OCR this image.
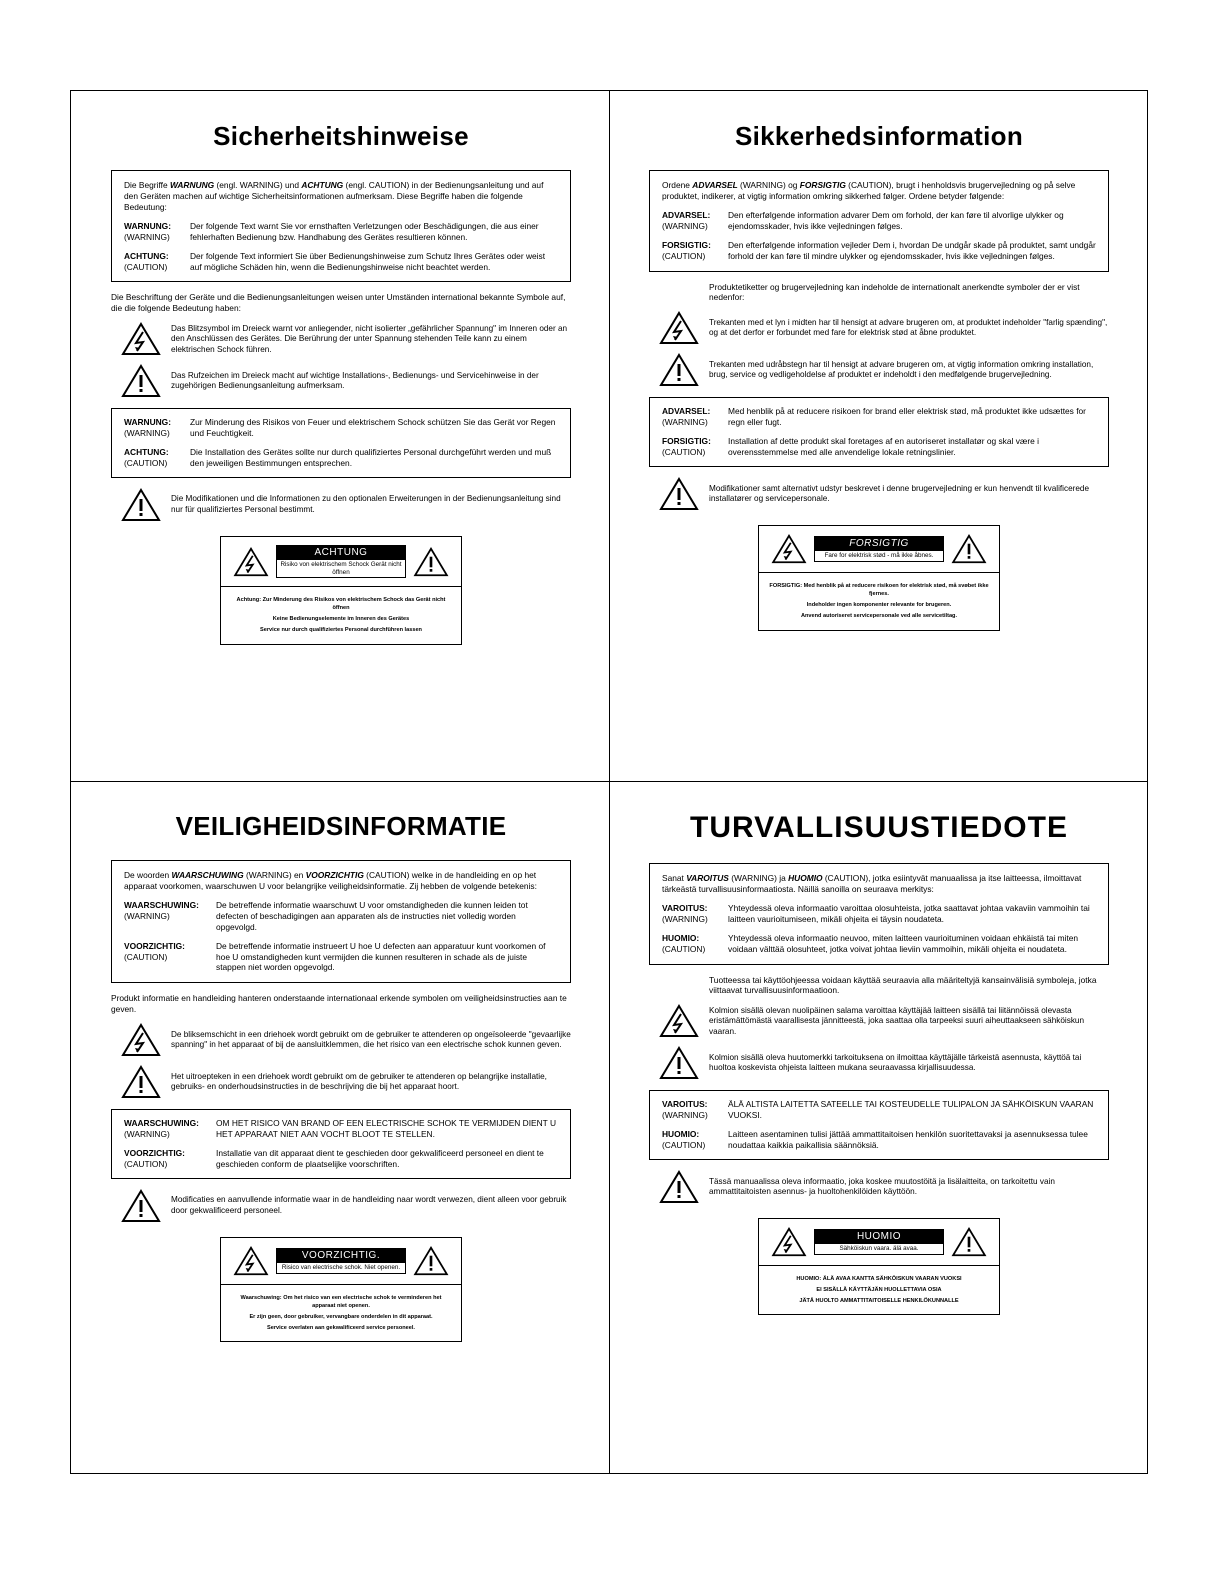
Sicherheitshinweise

Die Begriffe WARNUNG (engl. WARNING) und ACHTUNG (engl. CAUTION) in der Bedienungsanleitung und auf den Geräten machen auf wichtige Sicherheitsinformationen aufmerksam. Diese Begriffe haben die folgende Bedeutung:

WARNUNG:
(WARNING)
Der folgende Text warnt Sie vor ernsthaften Verletzungen oder Beschädigungen, die aus einer fehlerhaften Bedienung bzw. Handhabung des Gerätes resultieren können.
ACHTUNG:
(CAUTION)
Der folgende Text informiert Sie über Bedienungshinweise zum Schutz Ihres Gerätes oder weist auf mögliche Schäden hin, wenn die Bedienungshinweise nicht beachtet werden.
Die Beschriftung der Geräte und die Bedienungsanleitungen weisen unter Umständen international bekannte Symbole auf, die die folgende Bedeutung haben:
Das Blitzsymbol im Dreieck warnt vor anliegender, nicht isolierter „gefährlicher Spannung" im Inneren oder an den Anschlüssen des Gerätes. Die Berührung der unter Spannung stehenden Teile kann zu einem elektrischen Schock führen.
Das Rufzeichen im Dreieck macht auf wichtige Installations-, Bedienungs- und Servicehinweise in der zugehörigen Bedienungsanleitung aufmerksam.
WARNUNG:
(WARNING)
Zur Minderung des Risikos von Feuer und elektrischem Schock schützen Sie das Gerät vor Regen und Feuchtigkeit.
ACHTUNG:
(CAUTION)
Die Installation des Gerätes sollte nur durch qualifiziertes Personal durchgeführt werden und muß den jeweiligen Bestimmungen entsprechen.
Die Modifikationen und die Informationen zu den optionalen Erweiterungen in der Bedienungsanleitung sind nur für qualifiziertes Personal bestimmt.
ACHTUNG
Risiko von elektrischem Schock Gerät nicht öffnen
Achtung: Zur Minderung des Risikos von elektrischem Schock das Gerät nicht öffnen
Keine Bedienungselemente im Inneren des Gerätes
Service nur durch qualifiziertes Personal durchführen lassen
Sikkerhedsinformation

Ordene ADVARSEL (WARNING) og FORSIGTIG (CAUTION), brugt i henholdsvis brugervejledning og på selve produktet, indikerer, at vigtig information omkring sikkerhed følger. Ordene betyder følgende:

ADVARSEL:
(WARNING)
Den efterfølgende information advarer Dem om forhold, der kan føre til alvorlige ulykker og ejendomsskader, hvis ikke vejledningen følges.
FORSIGTIG:
(CAUTION)
Den efterfølgende information vejleder Dem i, hvordan De undgår skade på produktet, samt undgår forhold der kan føre til mindre ulykker og ejendomsskader, hvis ikke vejledningen følges.
Produktetiketter og brugervejledning kan indeholde de internationalt anerkendte symboler der er vist nedenfor:
Trekanten med et lyn i midten har til hensigt at advare brugeren om, at produktet indeholder "farlig spænding", og at det derfor er forbundet med fare for elektrisk stød at åbne produktet.
Trekanten med udråbstegn har til hensigt at advare brugeren om, at vigtig information omkring installation, brug, service og vedligeholdelse af produktet er indeholdt i den medfølgende brugervejledning.
ADVARSEL:
(WARNING)
Med henblik på at reducere risikoen for brand eller elektrisk stød, må produktet ikke udsættes for regn eller fugt.
FORSIGTIG:
(CAUTION)
Installation af dette produkt skal foretages af en autoriseret installatør og skal være i overensstemmelse med alle anvendelige lokale retningslinier.
Modifikationer samt alternativt udstyr beskrevet i denne brugervejledning er kun henvendt til kvalificerede installatører og servicepersonale.
FORSIGTIG
Fare for elektrisk stød - må ikke åbnes.
FORSIGTIG: Med henblik på at reducere risikoen for elektrisk stød, må svøbet ikke fjernes.
Indeholder ingen komponenter relevante for brugeren.
Anvend autoriseret servicepersonale ved alle servicetiltag.
VEILIGHEIDSINFORMATIE

De woorden WAARSCHUWING (WARNING) en VOORZICHTIG (CAUTION) welke in de handleiding en op het apparaat voorkomen, waarschuwen U voor belangrijke veiligheidsinformatie. Zij hebben de volgende betekenis:

WAARSCHUWING:
(WARNING)
De betreffende informatie waarschuwt U voor omstandigheden die kunnen leiden tot defecten of beschadigingen aan apparaten als de instructies niet volledig worden opgevolgd.
VOORZICHTIG:
(CAUTION)
De betreffende informatie instrueert U hoe U defecten aan apparatuur kunt voorkomen of hoe U omstandigheden kunt vermijden die kunnen resulteren in schade als de juiste stappen niet worden opgevolgd.
Produkt informatie en handleiding hanteren onderstaande internationaal erkende symbolen om veiligheidsinstructies aan te geven.
De bliksemschicht in een driehoek wordt gebruikt om de gebruiker te attenderen op ongeïsoleerde "gevaarlijke spanning" in het apparaat of bij de aansluitklemmen, die het risico van een electrische schok kunnen geven.
Het uitroepteken in een driehoek wordt gebruikt om de gebruiker te attenderen op belangrijke installatie, gebruiks- en onderhoudsinstructies in de beschrijving die bij het apparaat hoort.
WAARSCHUWING:
(WARNING)
OM HET RISICO VAN BRAND OF EEN ELECTRISCHE SCHOK TE VERMIJDEN DIENT U HET APPARAAT NIET AAN VOCHT BLOOT TE STELLEN.
VOORZICHTIG:
(CAUTION)
Installatie van dit apparaat dient te geschieden door gekwalificeerd personeel en dient te geschieden conform de plaatselijke voorschriften.
Modificaties en aanvullende informatie waar in de handleiding naar wordt verwezen, dient alleen voor gebruik door gekwalificeerd personeel.
VOORZICHTIG.
Risico van electrische schok. Niet openen.
Waarschuwing: Om het risico van een electrische schok te verminderen het apparaat niet openen.
Er zijn geen, door gebruiker, vervangbare onderdelen in dit apparaat.
Service overlaten aan gekwalificeerd service personeel.
TURVALLISUUSTIEDOTE

Sanat VAROITUS (WARNING) ja HUOMIO (CAUTION), jotka esiintyvät manuaalissa ja itse laitteessa, ilmoittavat tärkeästä turvallisuusinformaatiosta. Näillä sanoilla on seuraava merkitys:

VAROITUS:
(WARNING)
Yhteydessä oleva informaatio varoittaa olosuhteista, jotka saattavat johtaa vakaviin vammoihin tai laitteen vaurioitumiseen, mikäli ohjeita ei täysin noudateta.
HUOMIO:
(CAUTION)
Yhteydessä oleva informaatio neuvoo, miten laitteen vaurioituminen voidaan ehkäistä tai miten voidaan välttää olosuhteet, jotka voivat johtaa lieviin vammoihin, mikäli ohjeita ei noudateta.
Tuotteessa tai käyttöohjeessa voidaan käyttää seuraavia alla määriteltyjä kansainvälisiä symboleja, jotka viittaavat turvallisuusinformaatioon.
Kolmion sisällä olevan nuolipäinen salama varoittaa käyttäjää laitteen sisällä tai liitännöissä olevasta eristämättömästä vaarallisesta jännitteestä, joka saattaa olla tarpeeksi suuri aiheuttaakseen sähköiskun vaaran.
Kolmion sisällä oleva huutomerkki tarkoituksena on ilmoittaa käyttäjälle tärkeistä asennusta, käyttöä tai huoltoa koskevista ohjeista laitteen mukana seuraavassa kirjallisuudessa.
VAROITUS:
(WARNING)
ÄLÄ ALTISTA LAITETTA SATEELLE TAI KOSTEUDELLE TULIPALON JA SÄHKÖISKUN VAARAN VUOKSI.
HUOMIO:
(CAUTION)
Laitteen asentaminen tulisi jättää ammattitaitoisen henkilön suoritettavaksi ja asennuksessa tulee noudattaa kaikkia paikallisia säännöksiä.
Tässä manuaalissa oleva informaatio, joka koskee muutostöitä ja lisälaitteita, on tarkoitettu vain ammattitaitoisten asennus- ja huoltohenkilöiden käyttöön.
HUOMIO
Sähköiskun vaara. älä avaa.
HUOMIO: ÄLÄ AVAA KANTTA SÄHKÖISKUN VAARAN VUOKSI
EI SISÄLLÄ KÄYTTÄJÄN HUOLLETTAVIA OSIA
JÄTÄ HUOLTO AMMATTITAITOISELLE HENKILÖKUNNALLE
